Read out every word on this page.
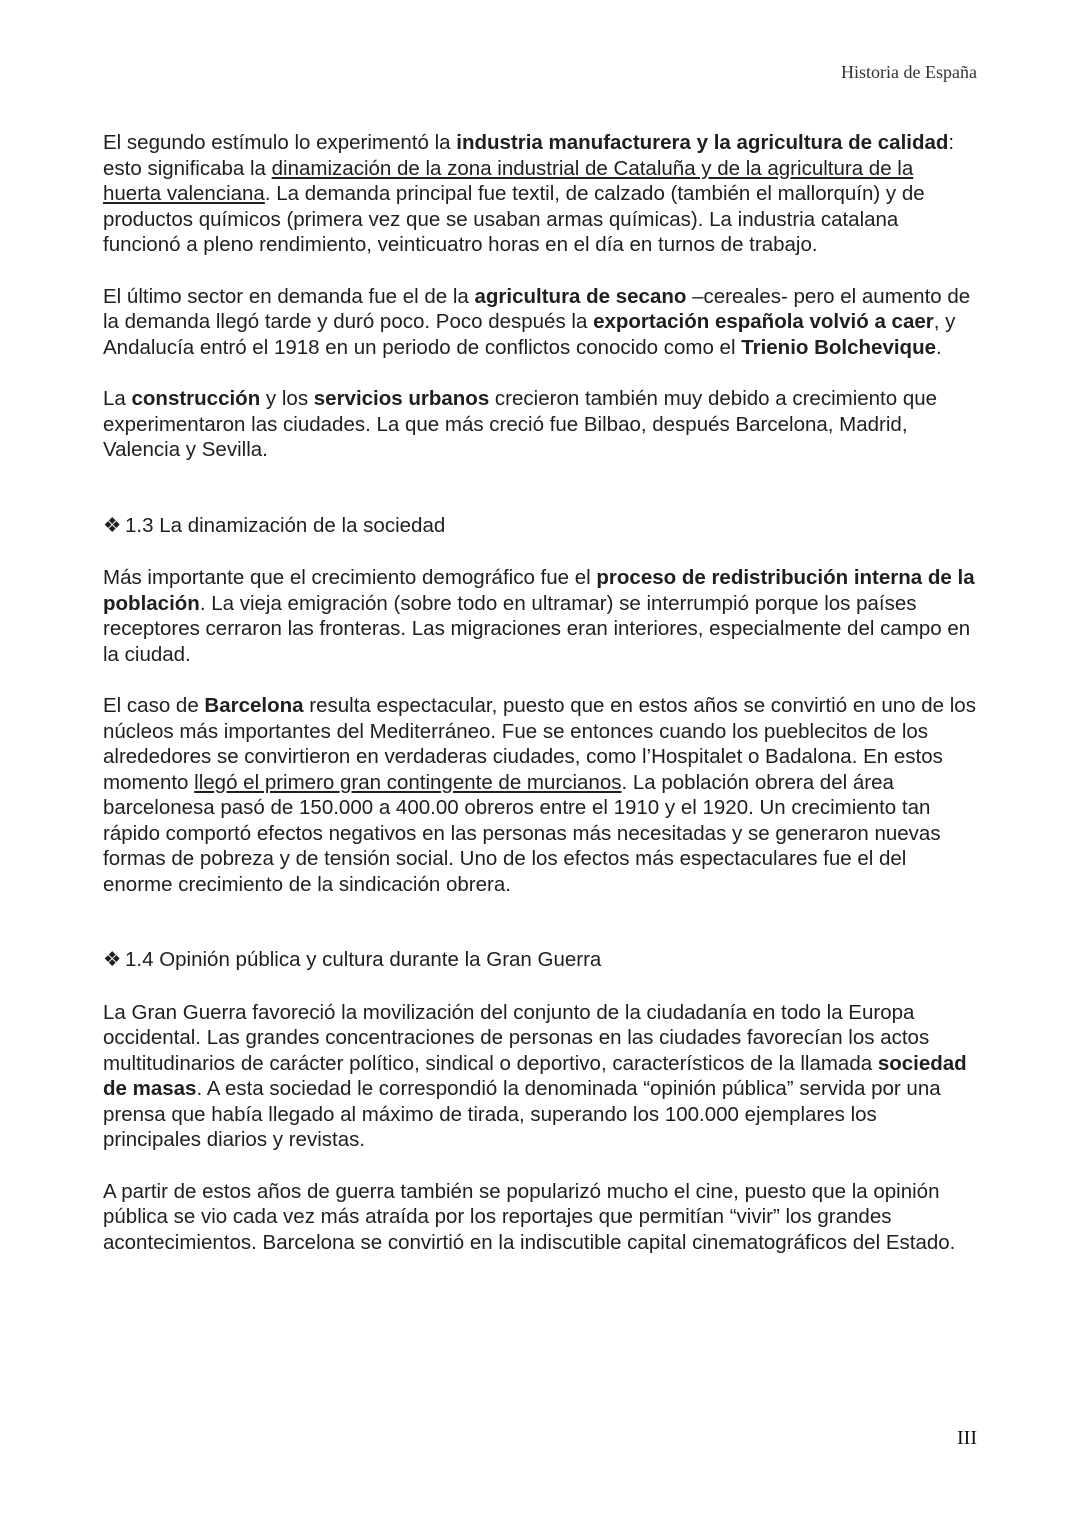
Historia de España

El segundo estímulo lo experimentó la industria manufacturera y la agricultura de calidad: esto significaba la dinamización de la zona industrial de Cataluña y de la agricultura de la huerta valenciana. La demanda principal fue textil, de calzado (también el mallorquín) y de productos químicos (primera vez que se usaban armas químicas). La industria catalana funcionó a pleno rendimiento, veinticuatro horas en el día en turnos de trabajo.

El último sector en demanda fue el de la agricultura de secano –cereales- pero el aumento de la demanda llegó tarde y duró poco. Poco después la exportación española volvió a caer, y Andalucía entró el 1918 en un periodo de conflictos conocido como el Trienio Bolchevique.

La construcción y los servicios urbanos crecieron también muy debido a crecimiento que experimentaron las ciudades. La que más creció fue Bilbao, después Barcelona, Madrid, Valencia y Sevilla.

❖ 1.3 La dinamización de la sociedad

Más importante que el crecimiento demográfico fue el proceso de redistribución interna de la población. La vieja emigración (sobre todo en ultramar) se interrumpió porque los países receptores cerraron las fronteras. Las migraciones eran interiores, especialmente del campo en la ciudad.

El caso de Barcelona resulta espectacular, puesto que en estos años se convirtió en uno de los núcleos más importantes del Mediterráneo. Fue se entonces cuando los pueblecitos de los alrededores se convirtieron en verdaderas ciudades, como l’Hospitalet o Badalona. En estos momento llegó el primero gran contingente de murcianos. La población obrera del área barcelonesa pasó de 150.000 a 400.00 obreros entre el 1910 y el 1920. Un crecimiento tan rápido comportó efectos negativos en las personas más necesitadas y se generaron nuevas formas de pobreza y de tensión social. Uno de los efectos más espectaculares fue el del enorme crecimiento de la sindicación obrera.

❖ 1.4 Opinión pública y cultura durante la Gran Guerra

La Gran Guerra favoreció la movilización del conjunto de la ciudadanía en todo la Europa occidental. Las grandes concentraciones de personas en las ciudades favorecían los actos multitudinarios de carácter político, sindical o deportivo, característicos de la llamada sociedad de masas. A esta sociedad le correspondió la denominada “opinión pública” servida por una prensa que había llegado al máximo de tirada, superando los 100.000 ejemplares los principales diarios y revistas.

A partir de estos años de guerra también se popularizó mucho el cine, puesto que la opinión pública se vio cada vez más atraída por los reportajes que permitían “vivir” los grandes acontecimientos. Barcelona se convirtió en la indiscutible capital cinematográficos del Estado.

III
